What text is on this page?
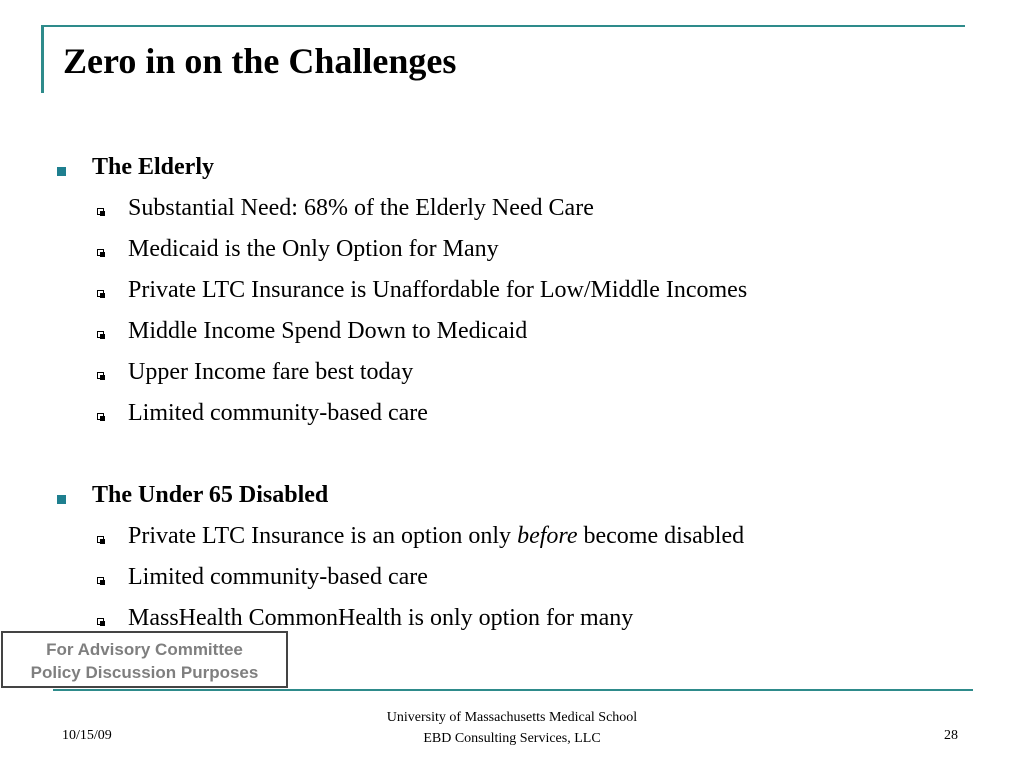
Zero in on the Challenges
The Elderly
Substantial Need: 68% of the Elderly Need Care
Medicaid is the Only Option for Many
Private LTC Insurance is Unaffordable for Low/Middle Incomes
Middle Income Spend Down to Medicaid
Upper Income fare best today
Limited community-based care
The Under 65 Disabled
Private LTC Insurance is an option only before become disabled
Limited community-based care
MassHealth CommonHealth is only option for many
For Advisory Committee
Policy Discussion Purposes
10/15/09
University of Massachusetts Medical School
EBD Consulting Services, LLC	28
